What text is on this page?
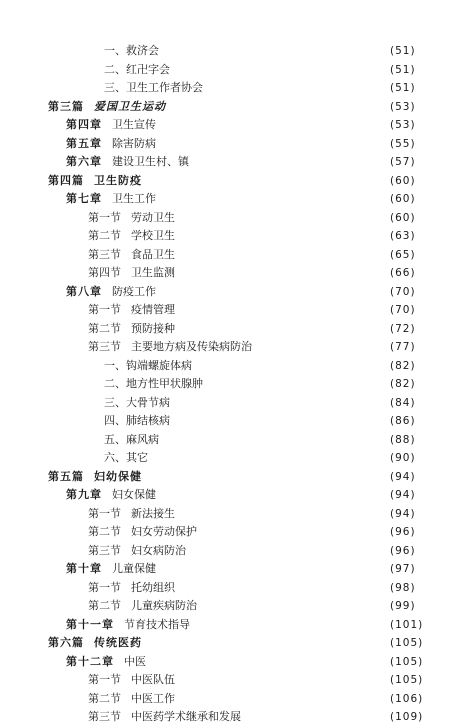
一、救济会	(51)
二、红卍字会	(51)
三、卫生工作者协会	(51)
第三篇 爱国卫生运动	(53)
第四章 卫生宣传	(53)
第五章 除害防病	(55)
第六章 建设卫生村、镇	(57)
第四篇 卫生防疫	(60)
第七章 卫生工作	(60)
第一节 劳动卫生	(60)
第二节 学校卫生	(63)
第三节 食品卫生	(65)
第四节 卫生监测	(66)
第八章 防疫工作	(70)
第一节 疫情管理	(70)
第二节 预防接种	(72)
第三节 主要地方病及传染病防治	(77)
一、钩端螺旋体病	(82)
二、地方性甲状腺肿	(82)
三、大骨节病	(84)
四、肺结核病	(86)
五、麻风病	(88)
六、其它	(90)
第五篇 妇幼保健	(94)
第九章 妇女保健	(94)
第一节 新法接生	(94)
第二节 妇女劳动保护	(96)
第三节 妇女病防治	(96)
第十章 儿童保健	(97)
第一节 托幼组织	(98)
第二节 儿童疾病防治	(99)
第十一章 节育技术指导	(101)
第六篇 传统医药	(105)
第十二章 中医	(105)
第一节 中医队伍	(105)
第二节 中医工作	(106)
第三节 中医药学术继承和发展	(109)
